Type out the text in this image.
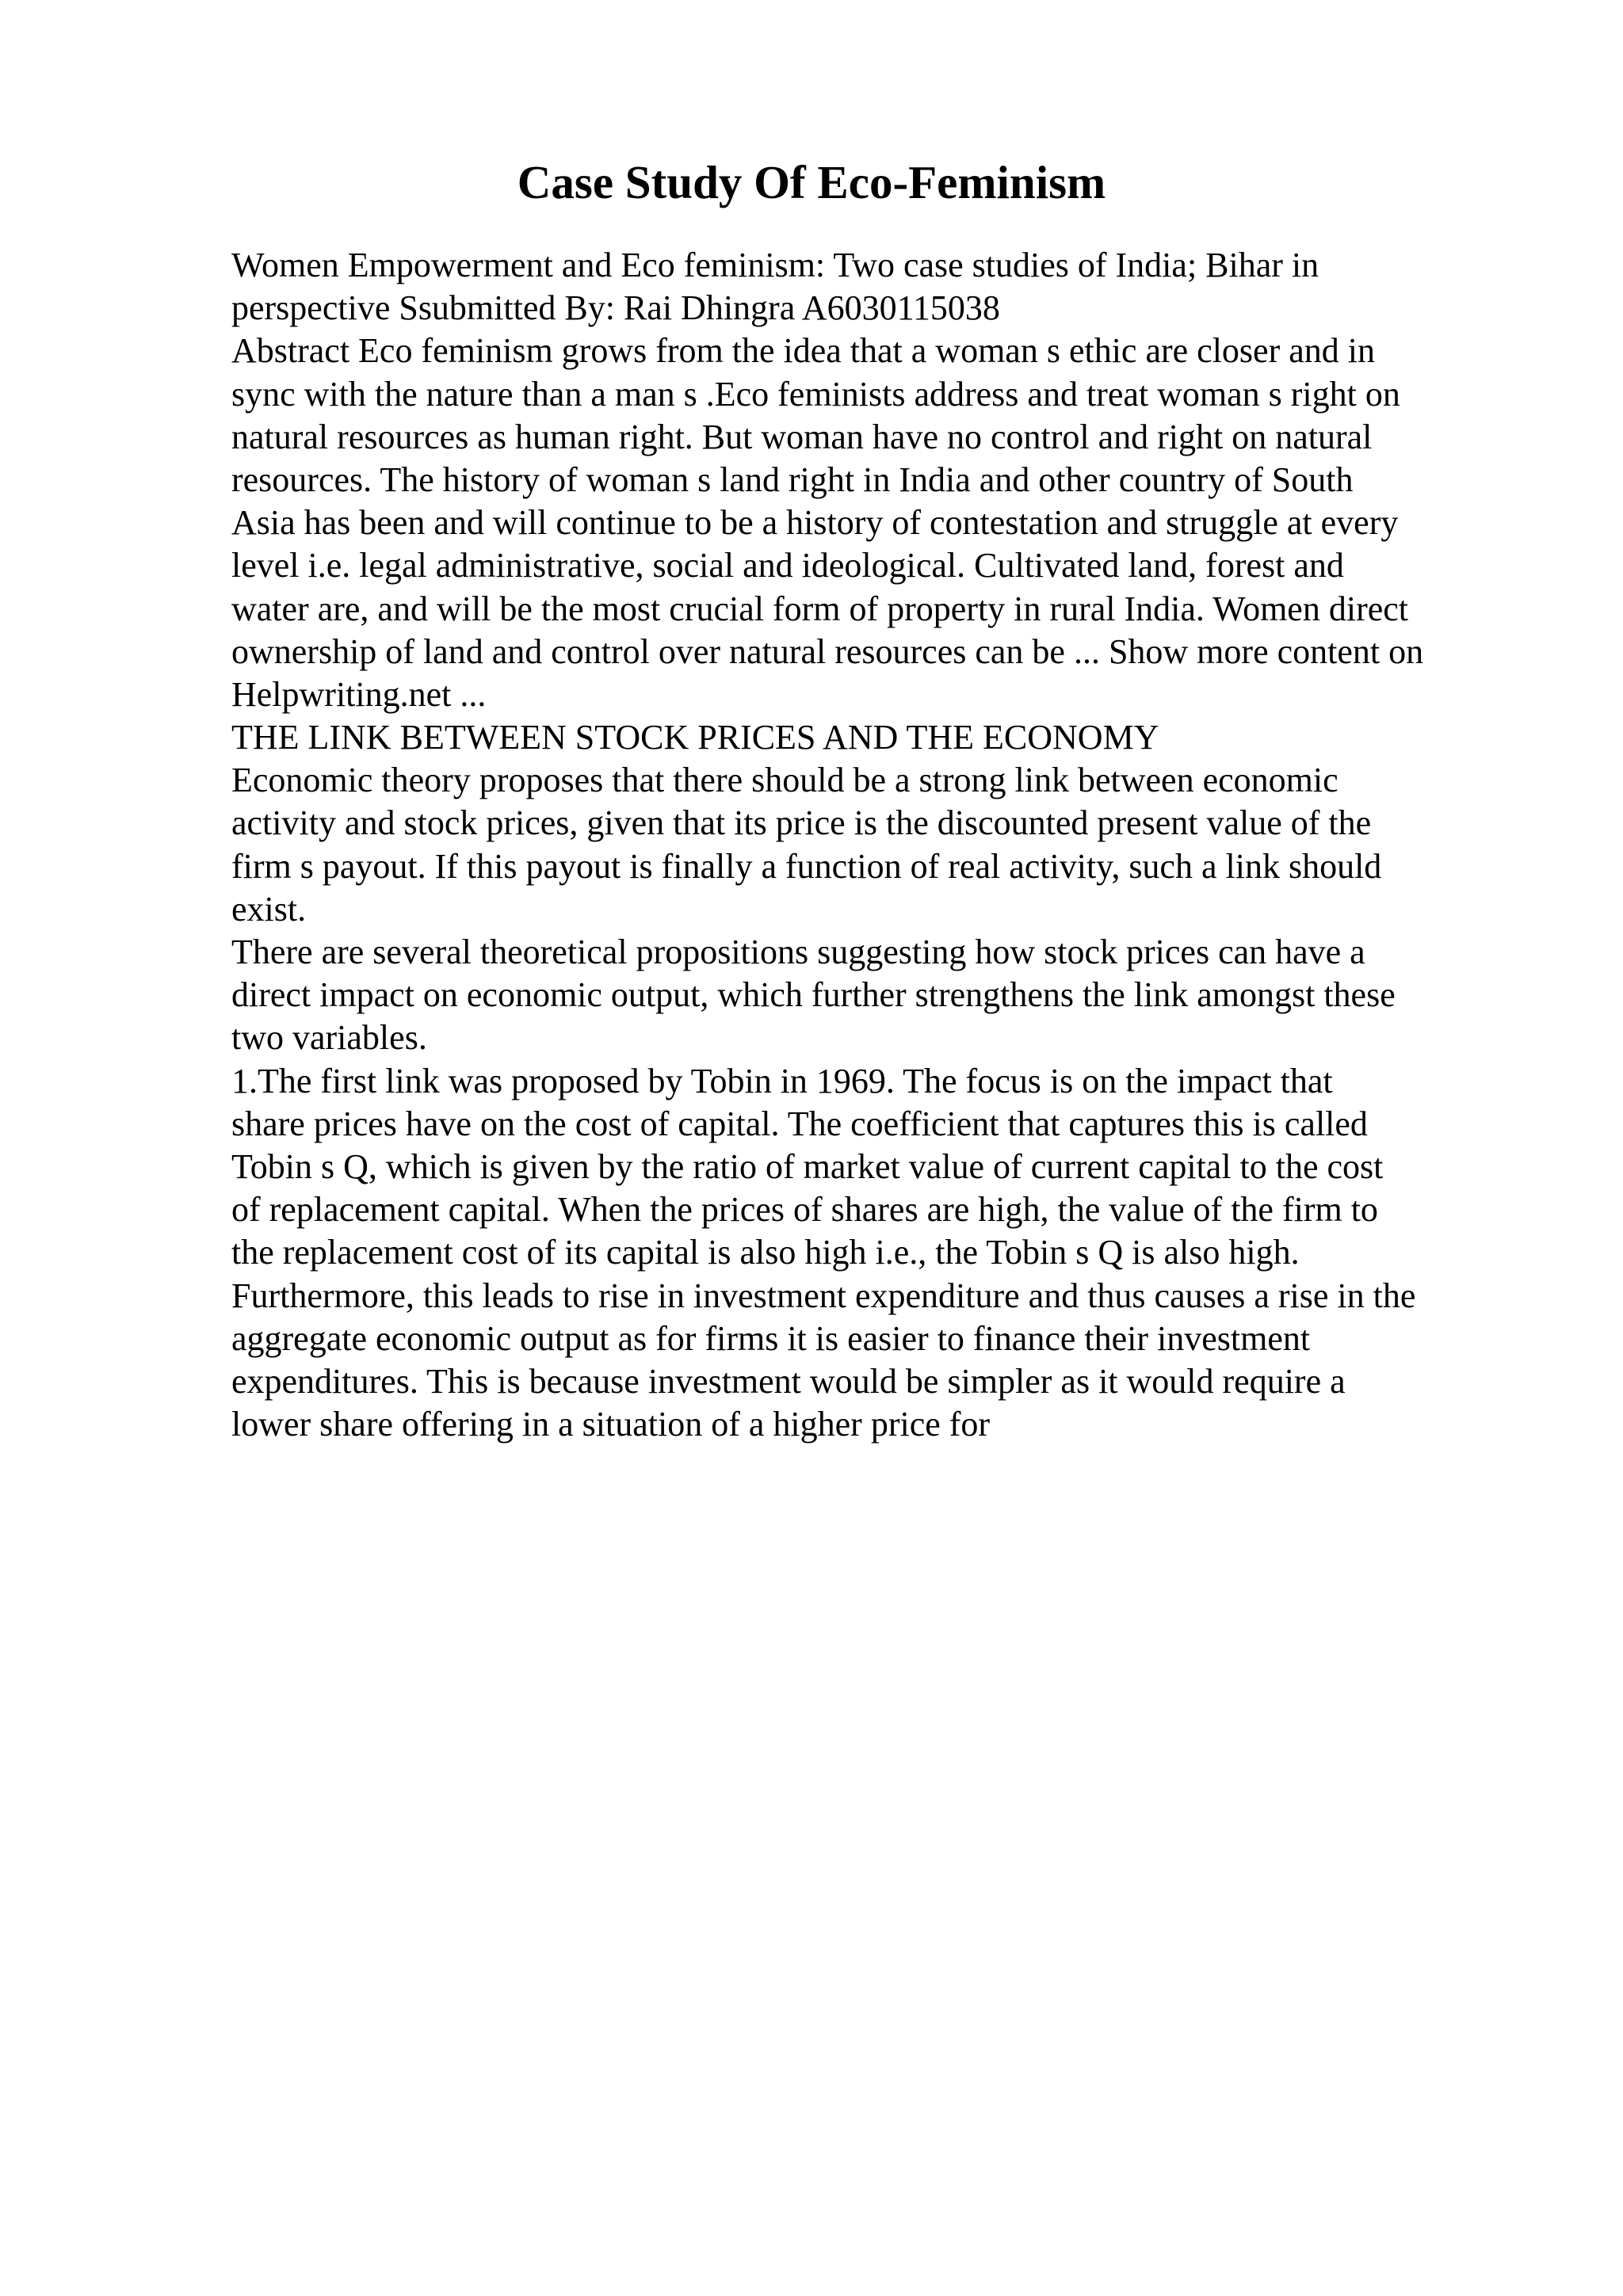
Case Study Of Eco-Feminism
Women Empowerment and Eco feminism: Two case studies of India; Bihar in
perspective Ssubmitted By: Rai Dhingra A6030115038
Abstract Eco feminism grows from the idea that a woman s ethic are closer and in
sync with the nature than a man s .Eco feminists address and treat woman s right on
natural resources as human right. But woman have no control and right on natural
resources. The history of woman s land right in India and other country of South
Asia has been and will continue to be a history of contestation and struggle at every
level i.e. legal administrative, social and ideological. Cultivated land, forest and
water are, and will be the most crucial form of property in rural India. Women direct
ownership of land and control over natural resources can be ... Show more content on
Helpwriting.net ...
THE LINK BETWEEN STOCK PRICES AND THE ECONOMY
Economic theory proposes that there should be a strong link between economic
activity and stock prices, given that its price is the discounted present value of the
firm s payout. If this payout is finally a function of real activity, such a link should
exist.
There are several theoretical propositions suggesting how stock prices can have a
direct impact on economic output, which further strengthens the link amongst these
two variables.
1.The first link was proposed by Tobin in 1969. The focus is on the impact that
share prices have on the cost of capital. The coefficient that captures this is called
Tobin s Q, which is given by the ratio of market value of current capital to the cost
of replacement capital. When the prices of shares are high, the value of the firm to
the replacement cost of its capital is also high i.e., the Tobin s Q is also high.
Furthermore, this leads to rise in investment expenditure and thus causes a rise in the
aggregate economic output as for firms it is easier to finance their investment
expenditures. This is because investment would be simpler as it would require a
lower share offering in a situation of a higher price for
